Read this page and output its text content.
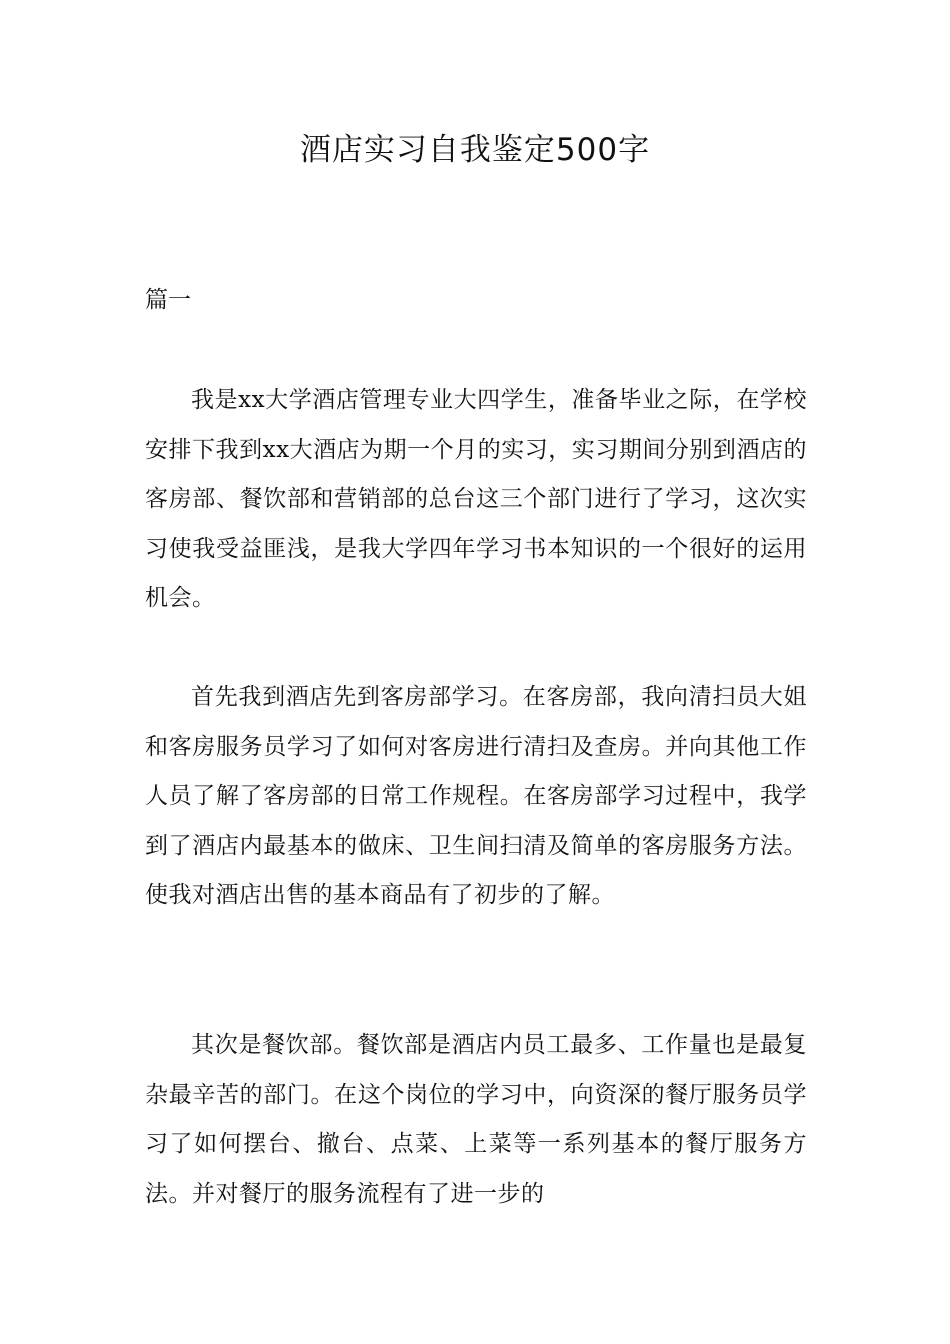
酒店实习自我鉴定500字

篇一

我是xx大学酒店管理专业大四学生，准备毕业之际，在学校安排下我到xx大酒店为期一个月的实习，实习期间分别到酒店的客房部、餐饮部和营销部的总台这三个部门进行了学习，这次实习使我受益匪浅，是我大学四年学习书本知识的一个很好的运用机会。

首先我到酒店先到客房部学习。在客房部，我向清扫员大姐和客房服务员学习了如何对客房进行清扫及查房。并向其他工作人员了解了客房部的日常工作规程。在客房部学习过程中，我学到了酒店内最基本的做床、卫生间扫清及简单的客房服务方法。使我对酒店出售的基本商品有了初步的了解。

其次是餐饮部。餐饮部是酒店内员工最多、工作量也是最复杂最辛苦的部门。在这个岗位的学习中，向资深的餐厅服务员学习了如何摆台、撤台、点菜、上菜等一系列基本的餐厅服务方法。并对餐厅的服务流程有了进一步的
